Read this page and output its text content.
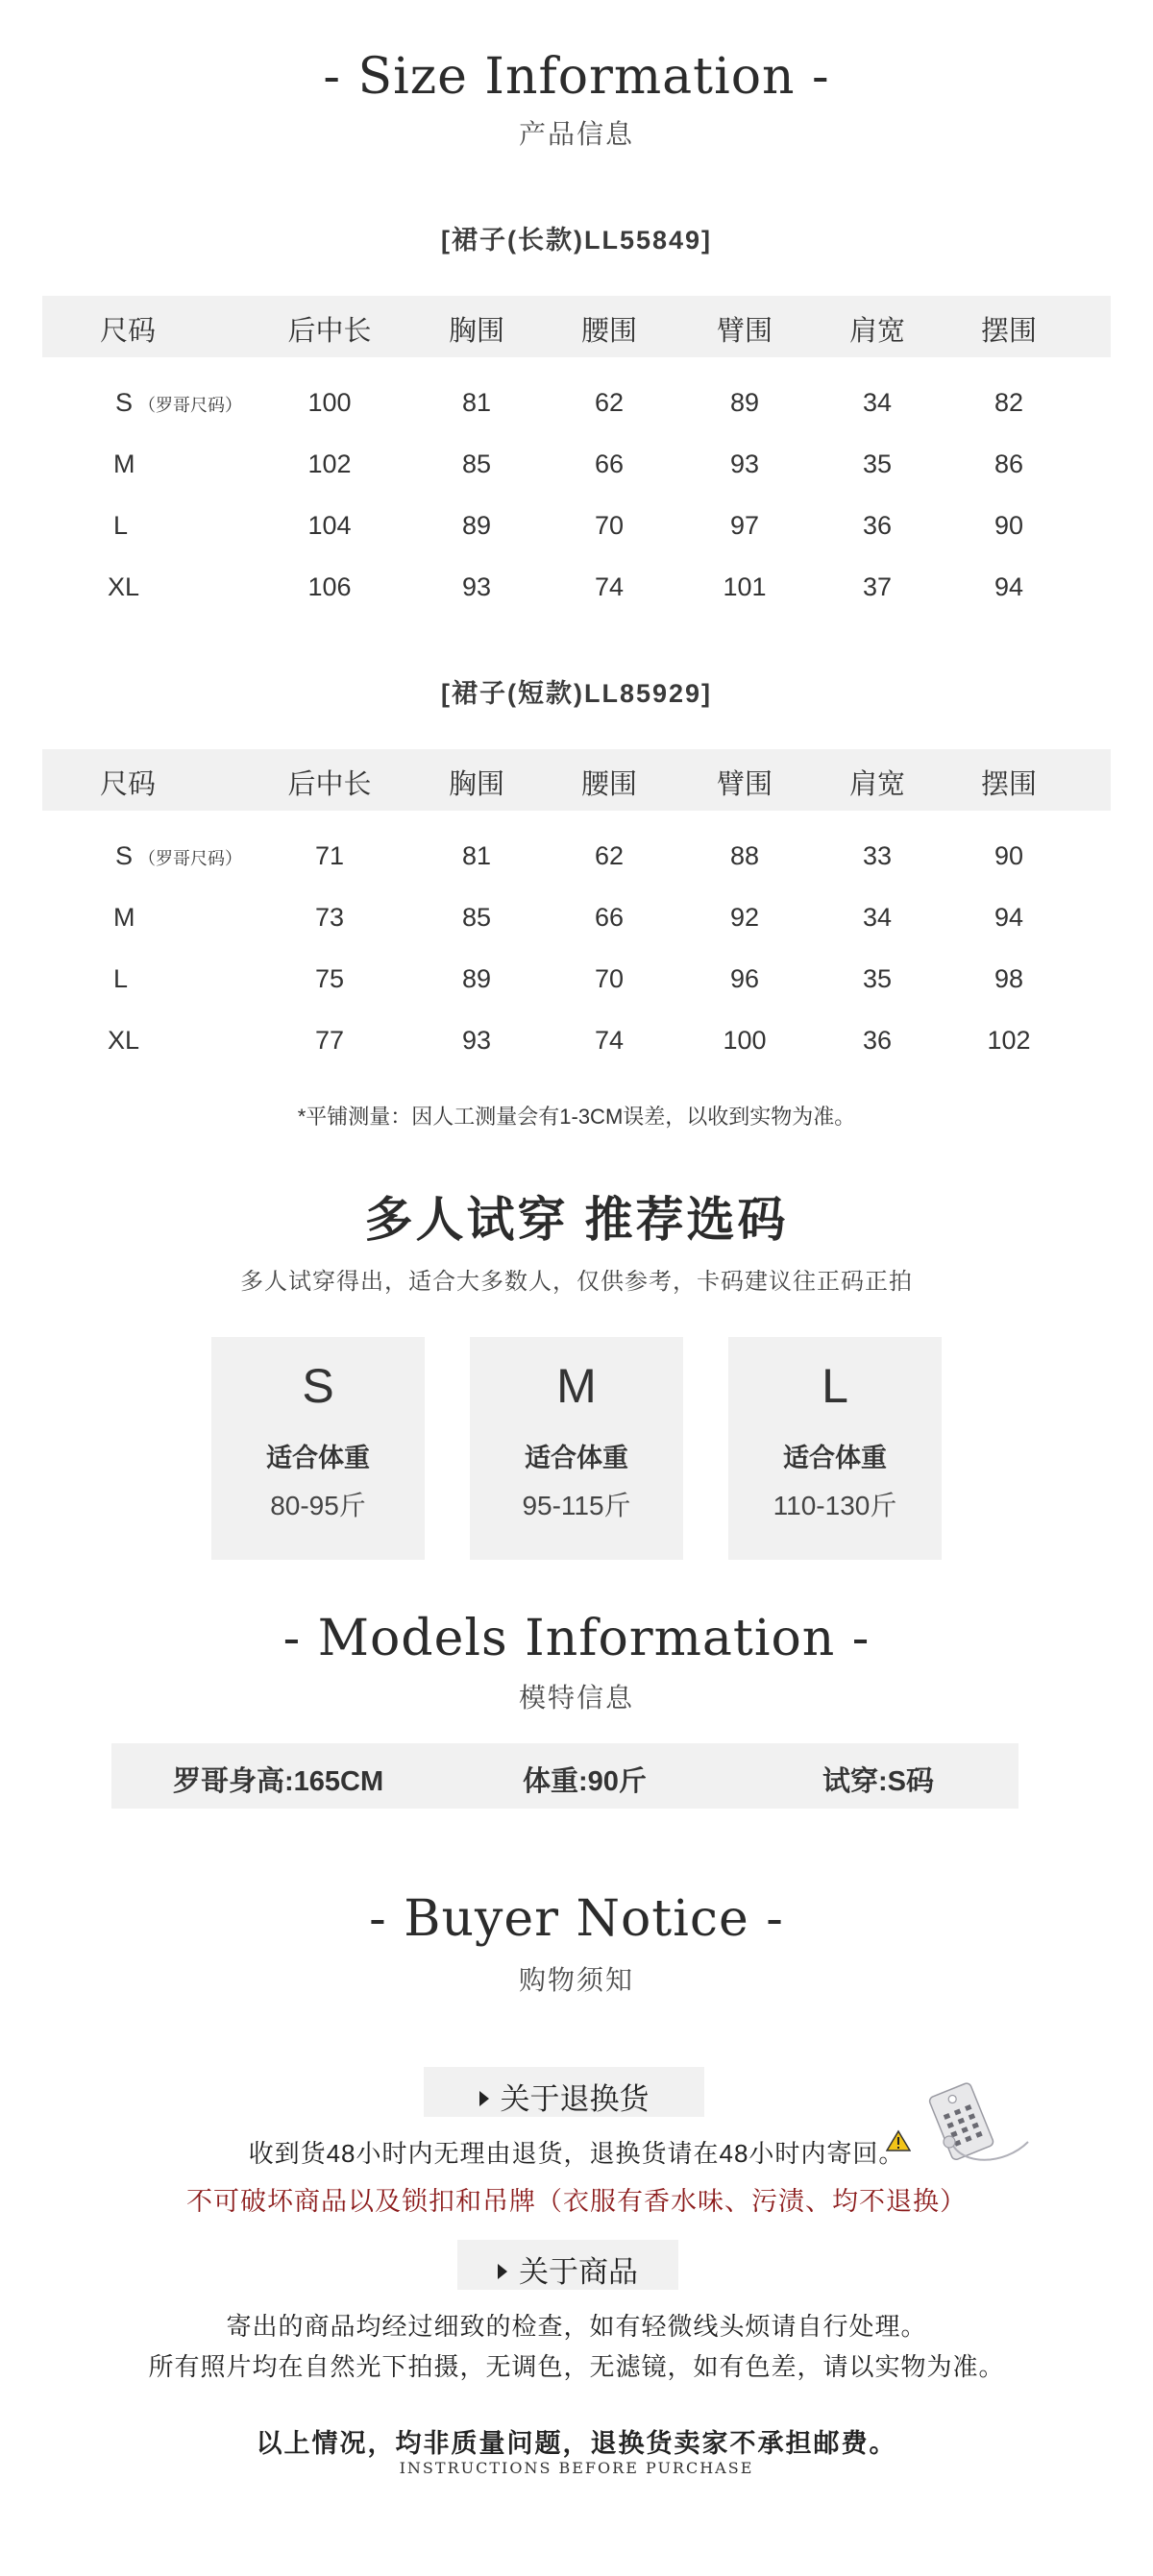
- Size Information -
产品信息
[裙子(长款)LL55849]
尺码	后中长	胸围	腰围	臂围	肩宽	摆围
S （罗哥尺码）	100	81	62	89	34	82
M	102	85	66	93	35	86
L	104	89	70	97	36	90
XL	106	93	74	101	37	94
[裙子(短款)LL85929]
尺码	后中长	胸围	腰围	臂围	肩宽	摆围
S （罗哥尺码）	71	81	62	88	33	90
M	73	85	66	92	34	94
L	75	89	70	96	35	98
XL	77	93	74	100	36	102
*平铺测量：因人工测量会有1-3CM误差，以收到实物为准。
多人试穿 推荐选码
多人试穿得出，适合大多数人，仅供参考，卡码建议往正码正拍
S
适合体重
80-95斤
M
适合体重
95-115斤
L
适合体重
110-130斤
- Models Information -
模特信息
罗哥身高:165CM	体重:90斤	试穿:S码
- Buyer Notice -
购物须知
关于退换货
收到货48小时内无理由退货，退换货请在48小时内寄回。
不可破坏商品以及锁扣和吊牌（衣服有香水味、污渍、均不退换）
关于商品
寄出的商品均经过细致的检查，如有轻微线头烦请自行处理。
所有照片均在自然光下拍摄，无调色，无滤镜，如有色差，请以实物为准。
以上情况，均非质量问题，退换货卖家不承担邮费。
INSTRUCTIONS BEFORE PURCHASE
